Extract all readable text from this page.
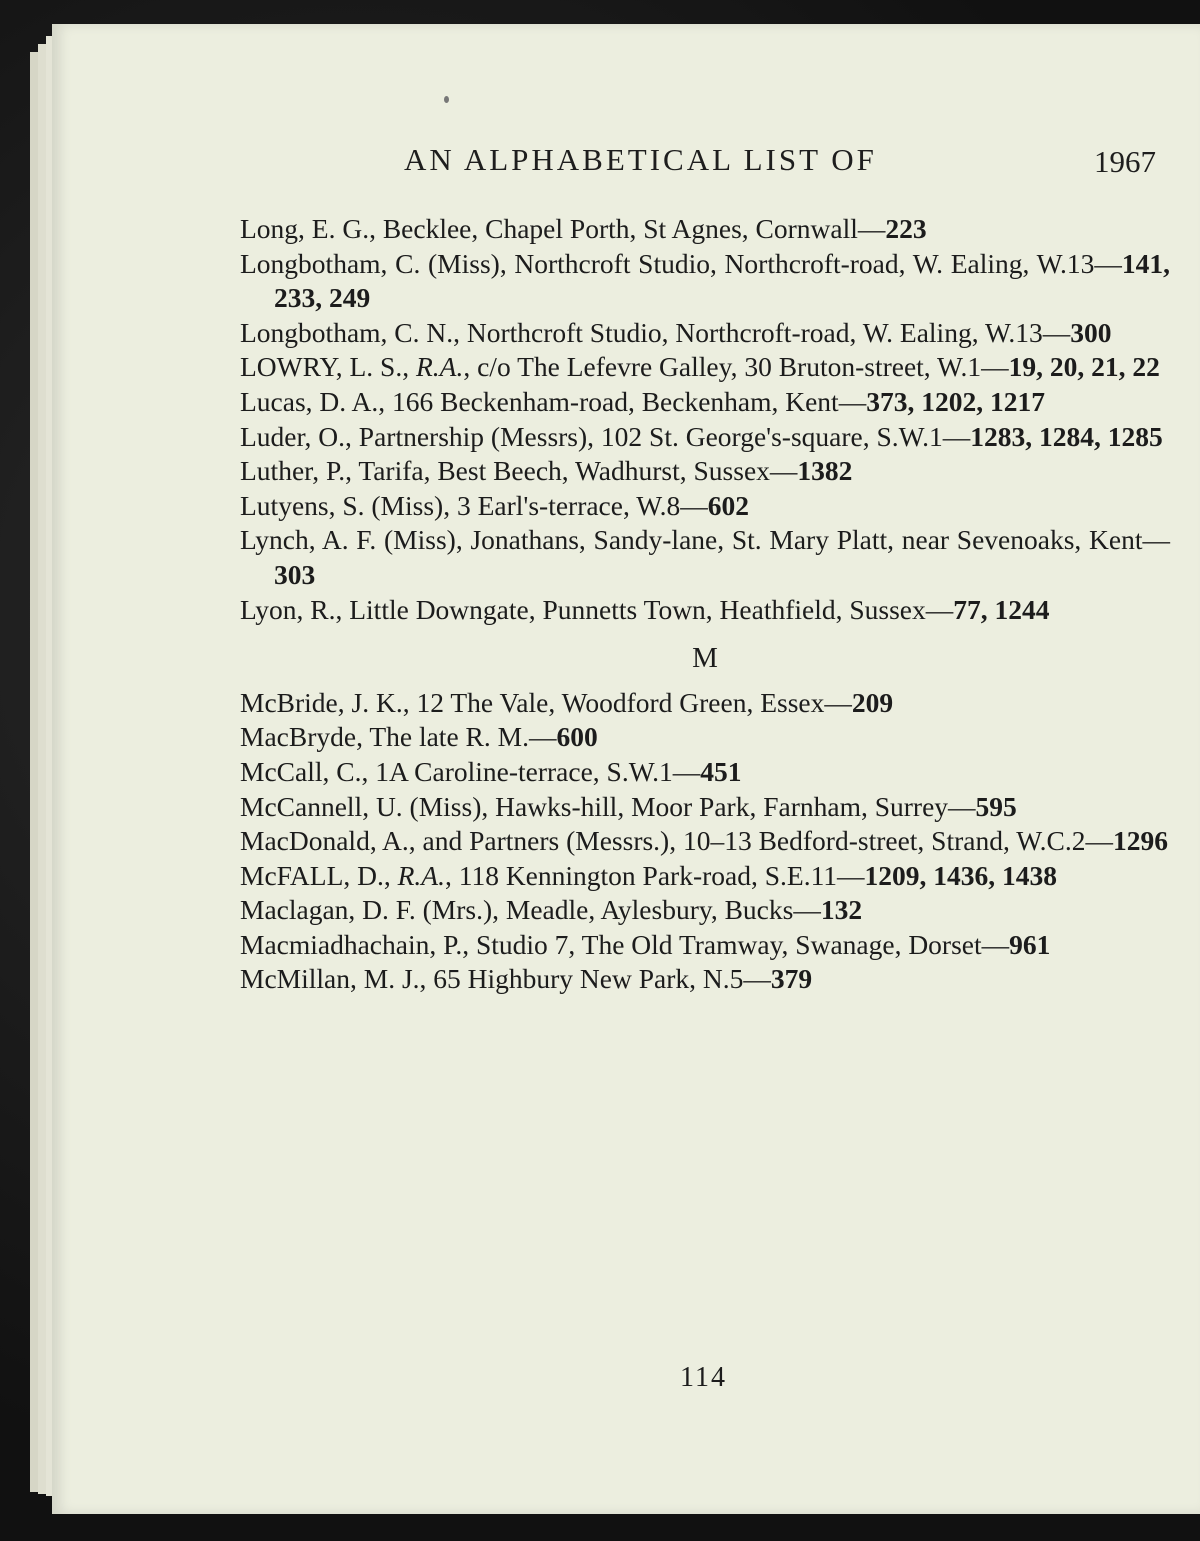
AN ALPHABETICAL LIST OF	1967
Long, E. G., Becklee, Chapel Porth, St Agnes, Cornwall—223
Longbotham, C. (Miss), Northcroft Studio, Northcroft-road, W. Ealing, W.13—141, 233, 249
Longbotham, C. N., Northcroft Studio, Northcroft-road, W. Ealing, W.13—300
LOWRY, L. S., R.A., c/o The Lefevre Galley, 30 Bruton-street, W.1—19, 20, 21, 22
Lucas, D. A., 166 Beckenham-road, Beckenham, Kent—373, 1202, 1217
Luder, O., Partnership (Messrs), 102 St. George's-square, S.W.1—1283, 1284, 1285
Luther, P., Tarifa, Best Beech, Wadhurst, Sussex—1382
Lutyens, S. (Miss), 3 Earl's-terrace, W.8—602
Lynch, A. F. (Miss), Jonathans, Sandy-lane, St. Mary Platt, near Sevenoaks, Kent—303
Lyon, R., Little Downgate, Punnetts Town, Heathfield, Sussex—77, 1244
M
McBride, J. K., 12 The Vale, Woodford Green, Essex—209
MacBryde, The late R. M.—600
McCall, C., 1A Caroline-terrace, S.W.1—451
McCannell, U. (Miss), Hawks-hill, Moor Park, Farnham, Surrey—595
MacDonald, A., and Partners (Messrs.), 10–13 Bedford-street, Strand, W.C.2—1296
McFALL, D., R.A., 118 Kennington Park-road, S.E.11—1209, 1436, 1438
Maclagan, D. F. (Mrs.), Meadle, Aylesbury, Bucks—132
Macmiadhachain, P., Studio 7, The Old Tramway, Swanage, Dorset—961
McMillan, M. J., 65 Highbury New Park, N.5—379
114
